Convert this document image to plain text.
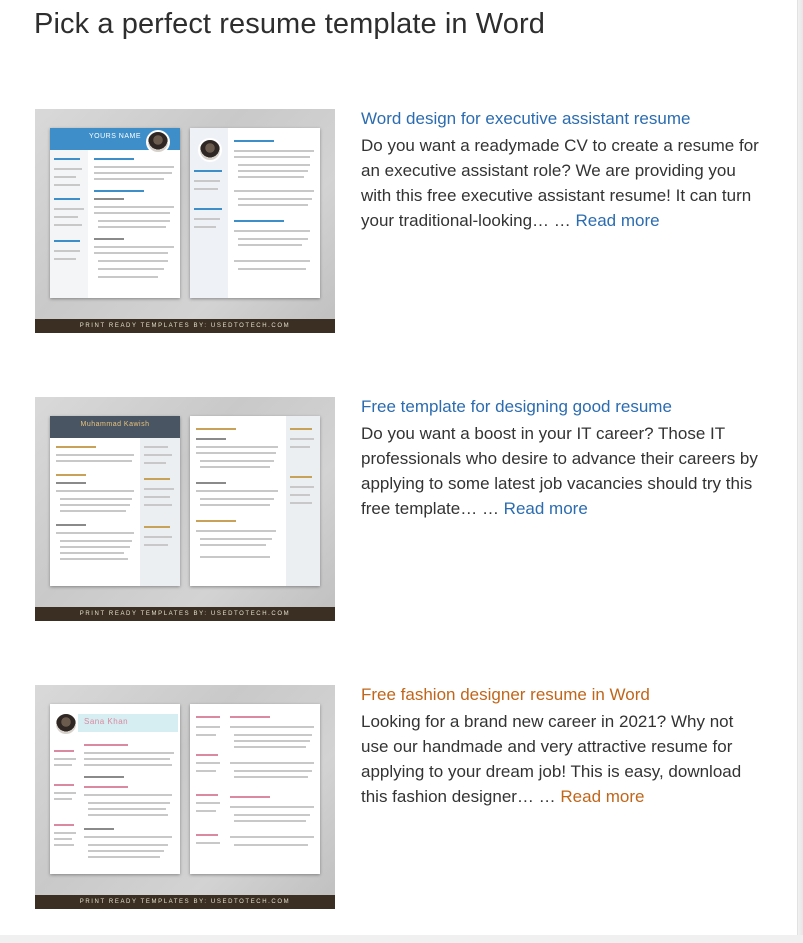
Pick a perfect resume template in Word
YOURS NAME
PRINT READY TEMPLATES BY: USEDTOTECH.COM
Word design for executive assistant resume

Do you want a readymade CV to create a resume for an executive assistant role? We are providing you with this free executive assistant resume! It can turn your traditional-looking… … Read more

Muhammad Kawish
PRINT READY TEMPLATES BY: USEDTOTECH.COM
Free template for designing good resume

Do you want a boost in your IT career? Those IT professionals who desire to advance their careers by applying to some latest job vacancies should try this free template… … Read more

Sana Khan
PRINT READY TEMPLATES BY: USEDTOTECH.COM
Free fashion designer resume in Word

Looking for a brand new career in 2021? Why not use our handmade and very attractive resume for applying to your dream job! This is easy, download this fashion designer… … Read more
